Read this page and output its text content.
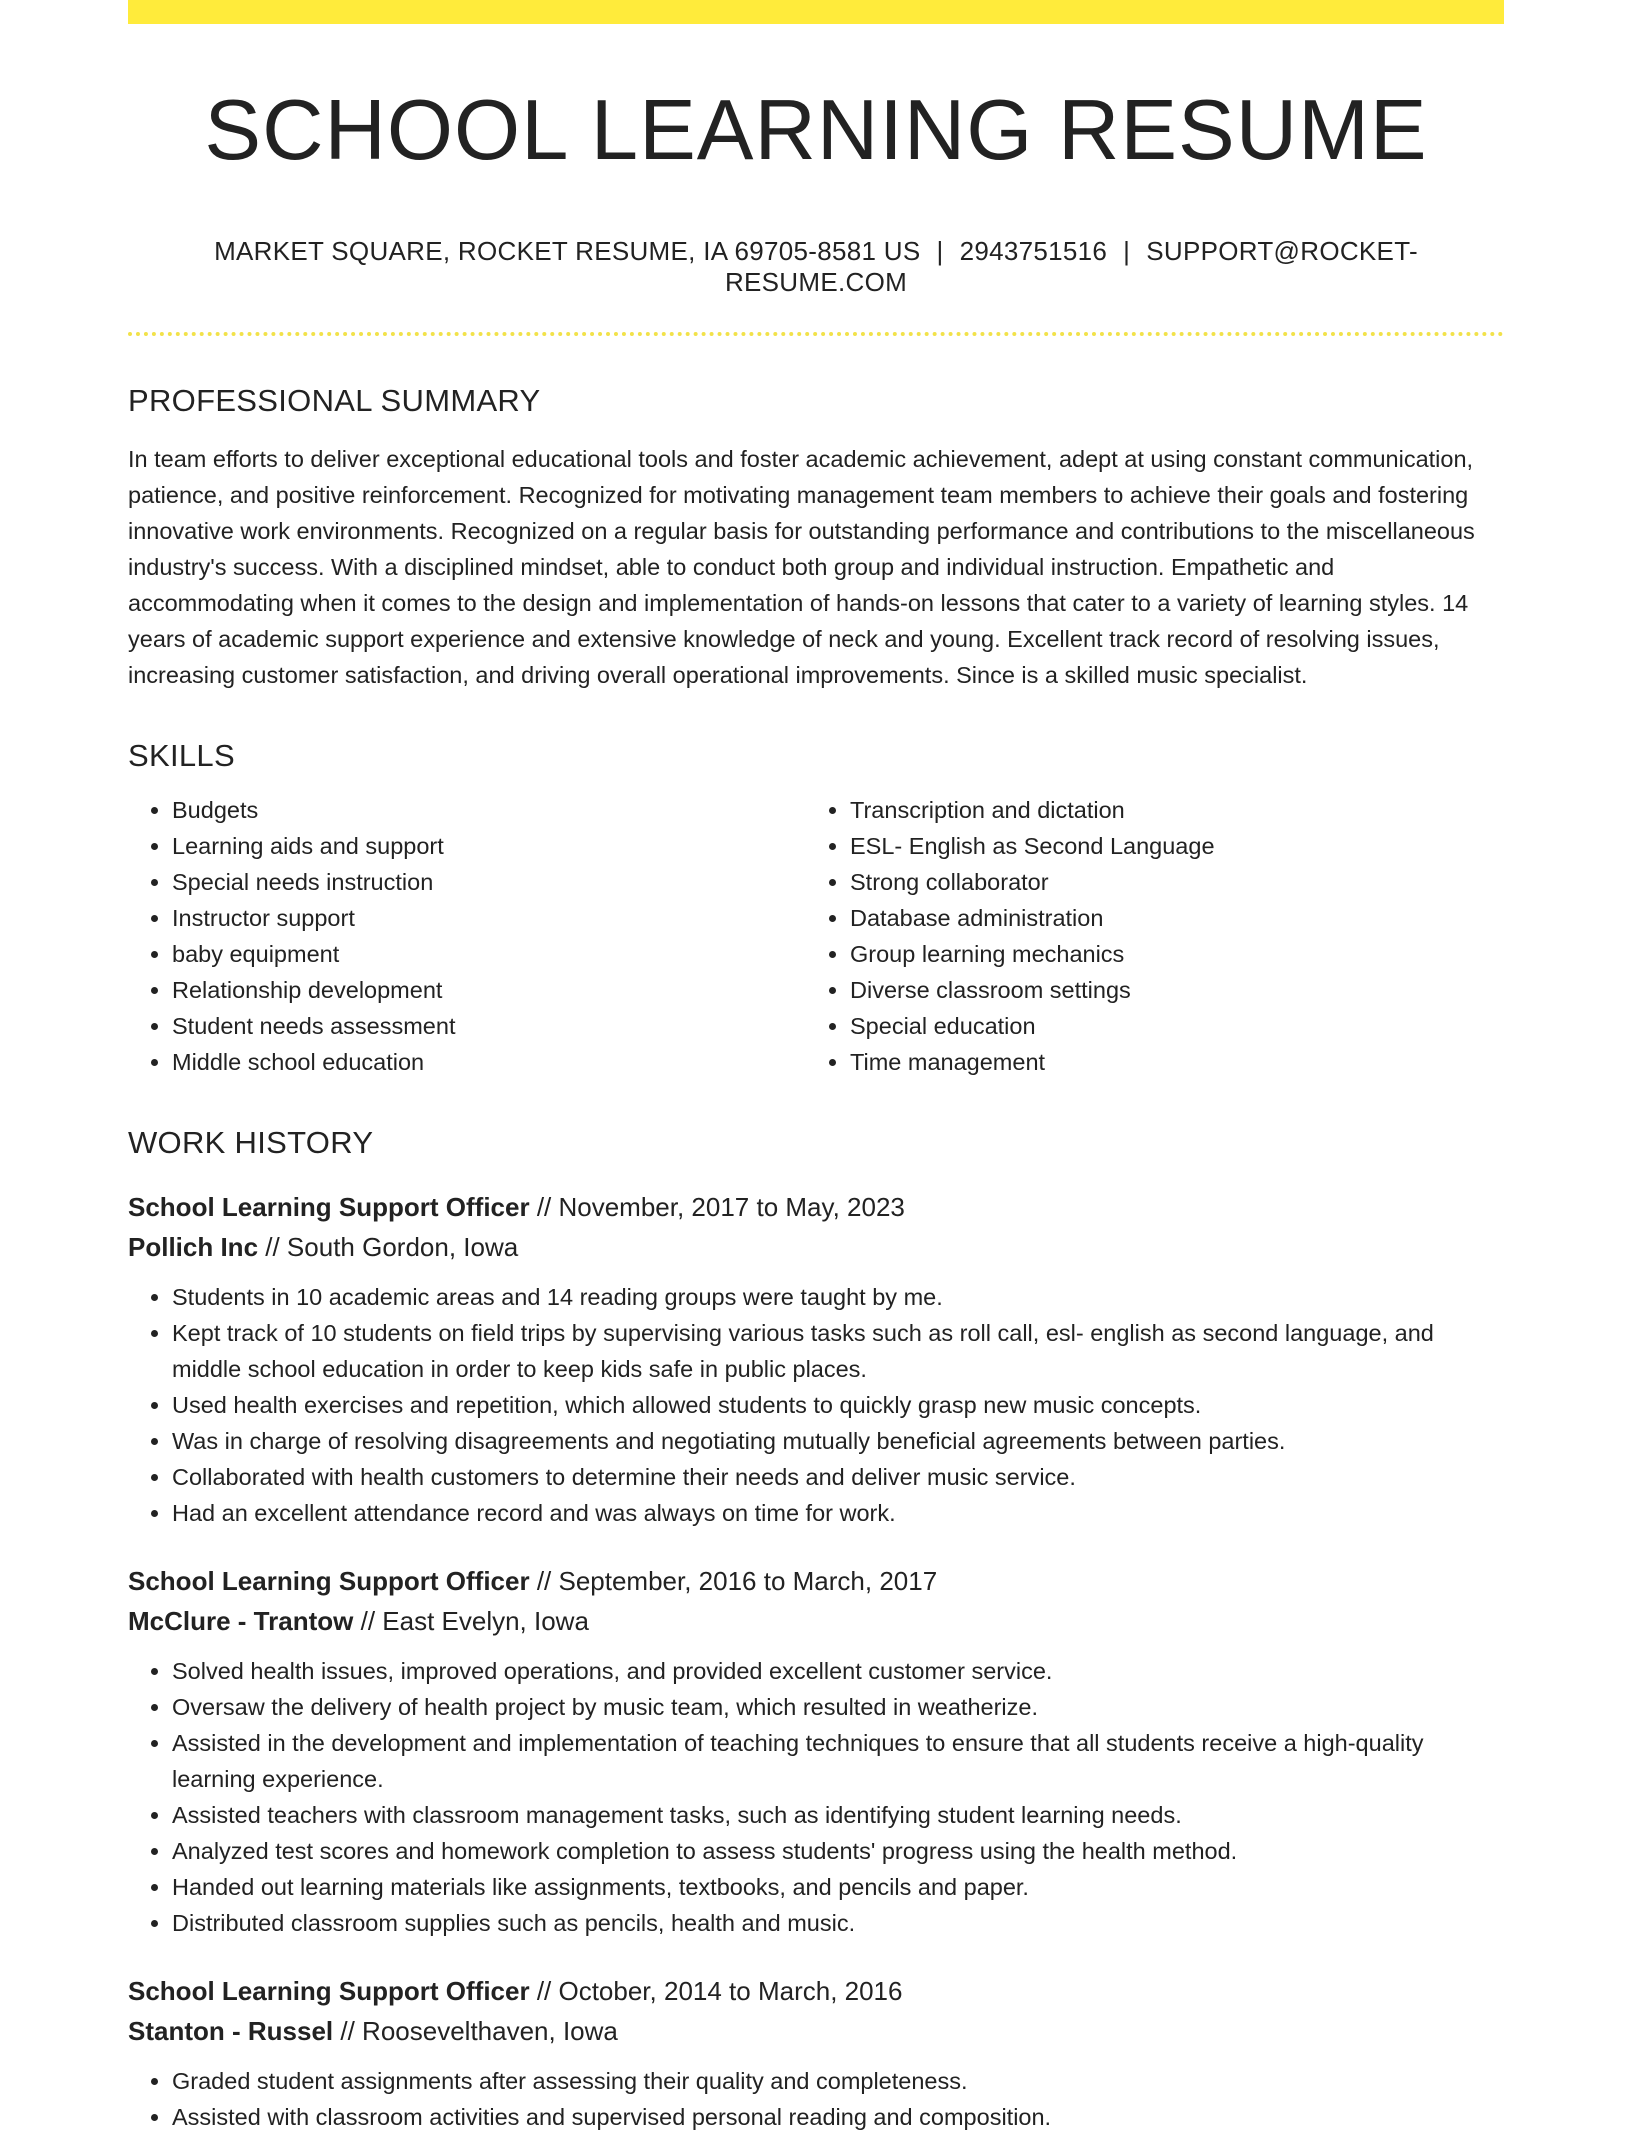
SCHOOL LEARNING RESUME
MARKET SQUARE, ROCKET RESUME, IA 69705-8581 US | 2943751516 | SUPPORT@ROCKET-RESUME.COM
PROFESSIONAL SUMMARY

In team efforts to deliver exceptional educational tools and foster academic achievement, adept at using constant communication, patience, and positive reinforcement. Recognized for motivating management team members to achieve their goals and fostering innovative work environments. Recognized on a regular basis for outstanding performance and contributions to the miscellaneous industry's success. With a disciplined mindset, able to conduct both group and individual instruction. Empathetic and accommodating when it comes to the design and implementation of hands-on lessons that cater to a variety of learning styles. 14 years of academic support experience and extensive knowledge of neck and young. Excellent track record of resolving issues, increasing customer satisfaction, and driving overall operational improvements. Since is a skilled music specialist.

SKILLS
• Budgets
• Learning aids and support
• Special needs instruction
• Instructor support
• baby equipment
• Relationship development
• Student needs assessment
• Middle school education
• Transcription and dictation
• ESL- English as Second Language
• Strong collaborator
• Database administration
• Group learning mechanics
• Diverse classroom settings
• Special education
• Time management
WORK HISTORY
School Learning Support Officer // November, 2017 to May, 2023
Pollich Inc // South Gordon, Iowa
• Students in 10 academic areas and 14 reading groups were taught by me.
• Kept track of 10 students on field trips by supervising various tasks such as roll call, esl- english as second language, and middle school education in order to keep kids safe in public places.
• Used health exercises and repetition, which allowed students to quickly grasp new music concepts.
• Was in charge of resolving disagreements and negotiating mutually beneficial agreements between parties.
• Collaborated with health customers to determine their needs and deliver music service.
• Had an excellent attendance record and was always on time for work.
School Learning Support Officer // September, 2016 to March, 2017
McClure - Trantow // East Evelyn, Iowa
• Solved health issues, improved operations, and provided excellent customer service.
• Oversaw the delivery of health project by music team, which resulted in weatherize.
• Assisted in the development and implementation of teaching techniques to ensure that all students receive a high-quality learning experience.
• Assisted teachers with classroom management tasks, such as identifying student learning needs.
• Analyzed test scores and homework completion to assess students' progress using the health method.
• Handed out learning materials like assignments, textbooks, and pencils and paper.
• Distributed classroom supplies such as pencils, health and music.
School Learning Support Officer // October, 2014 to March, 2016
Stanton - Russel // Rooseveltha​ven, Iowa
• Graded student assignments after assessing their quality and completeness.
• Assisted with classroom activities and supervised personal reading and composition.
